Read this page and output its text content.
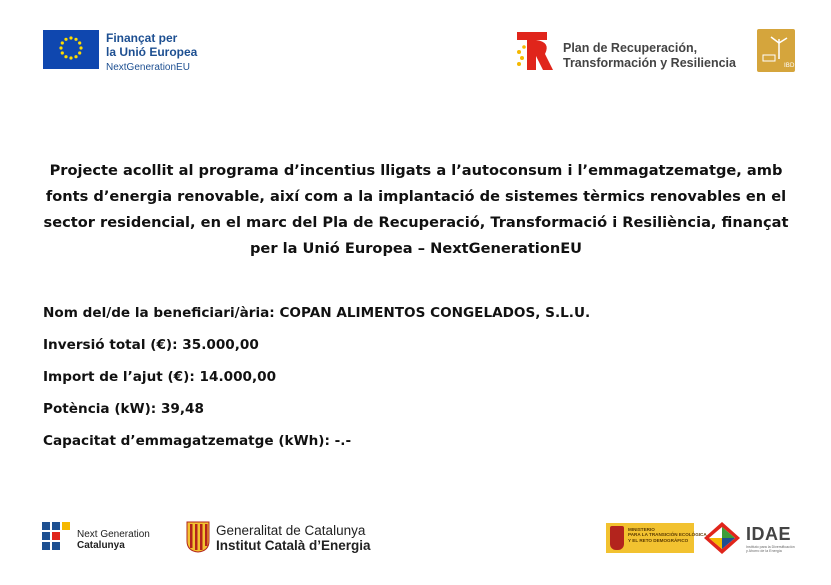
Finançat per
la Unió Europea
NextGenerationEU
Plan de Recuperación,
Transformación y Resiliencia	IBD
Projecte acollit al programa d’incentius lligats a l’autoconsum i l’emmagatzematge, amb fonts d’energia renovable, així com a la implantació de sistemes tèrmics renovables en el sector residencial, en el marc del Pla de Recuperació, Transformació i Resiliència, finançat per la Unió Europea – NextGenerationEU
Nom del/de la beneficiari/ària: COPAN ALIMENTOS CONGELADOS, S.L.U.
Inversió total (€): 35.000,00
Import de l’ajut (€): 14.000,00
Potència (kW): 39,48
Capacitat d’emmagatzematge (kWh): -.-
Next Generation
Catalunya
Generalitat de Catalunya
Institut Català d’Energia
MINISTERIO
PARA LA TRANSICIÓN ECOLÓGICA
Y EL RETO DEMOGRÁFICO	IDAE
Instituto para la Diversificación
y Ahorro de la Energía
